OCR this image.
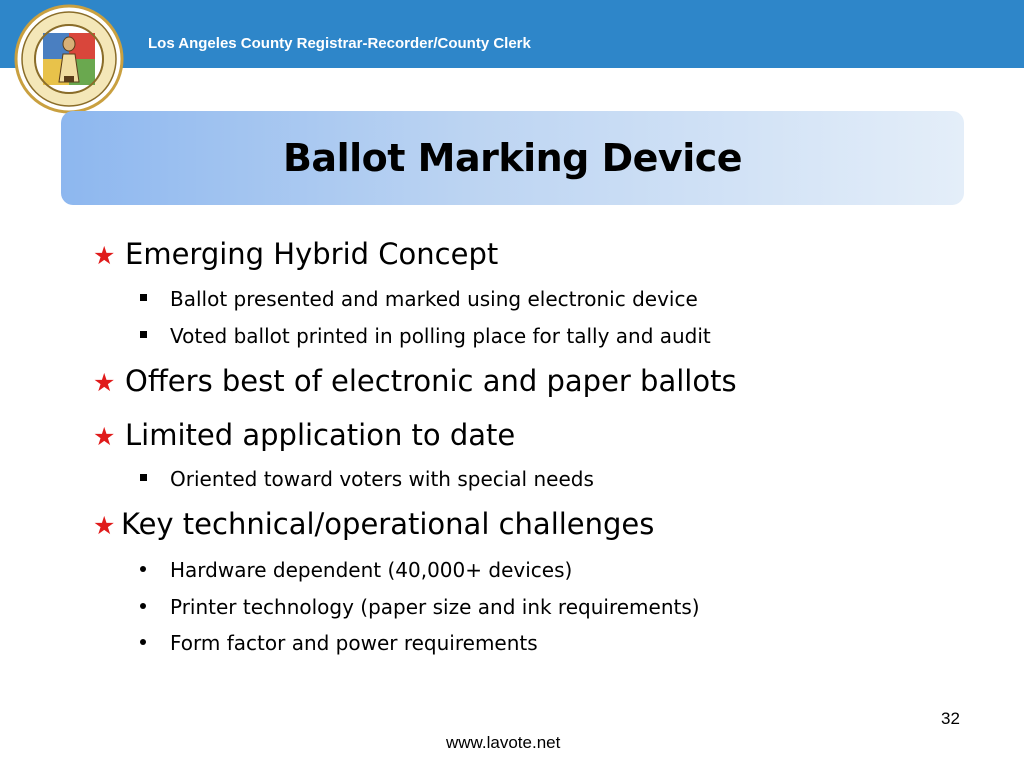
Los Angeles County Registrar-Recorder/County Clerk
Ballot Marking Device
★ Emerging Hybrid Concept
Ballot presented and marked using electronic device
Voted ballot printed in polling place for tally and audit
★ Offers best of electronic and paper ballots
★ Limited application to date
Oriented toward voters with special needs
★ Key technical/operational challenges
Hardware dependent (40,000+ devices)
Printer technology (paper size and ink requirements)
Form factor and power requirements
32
www.lavote.net
